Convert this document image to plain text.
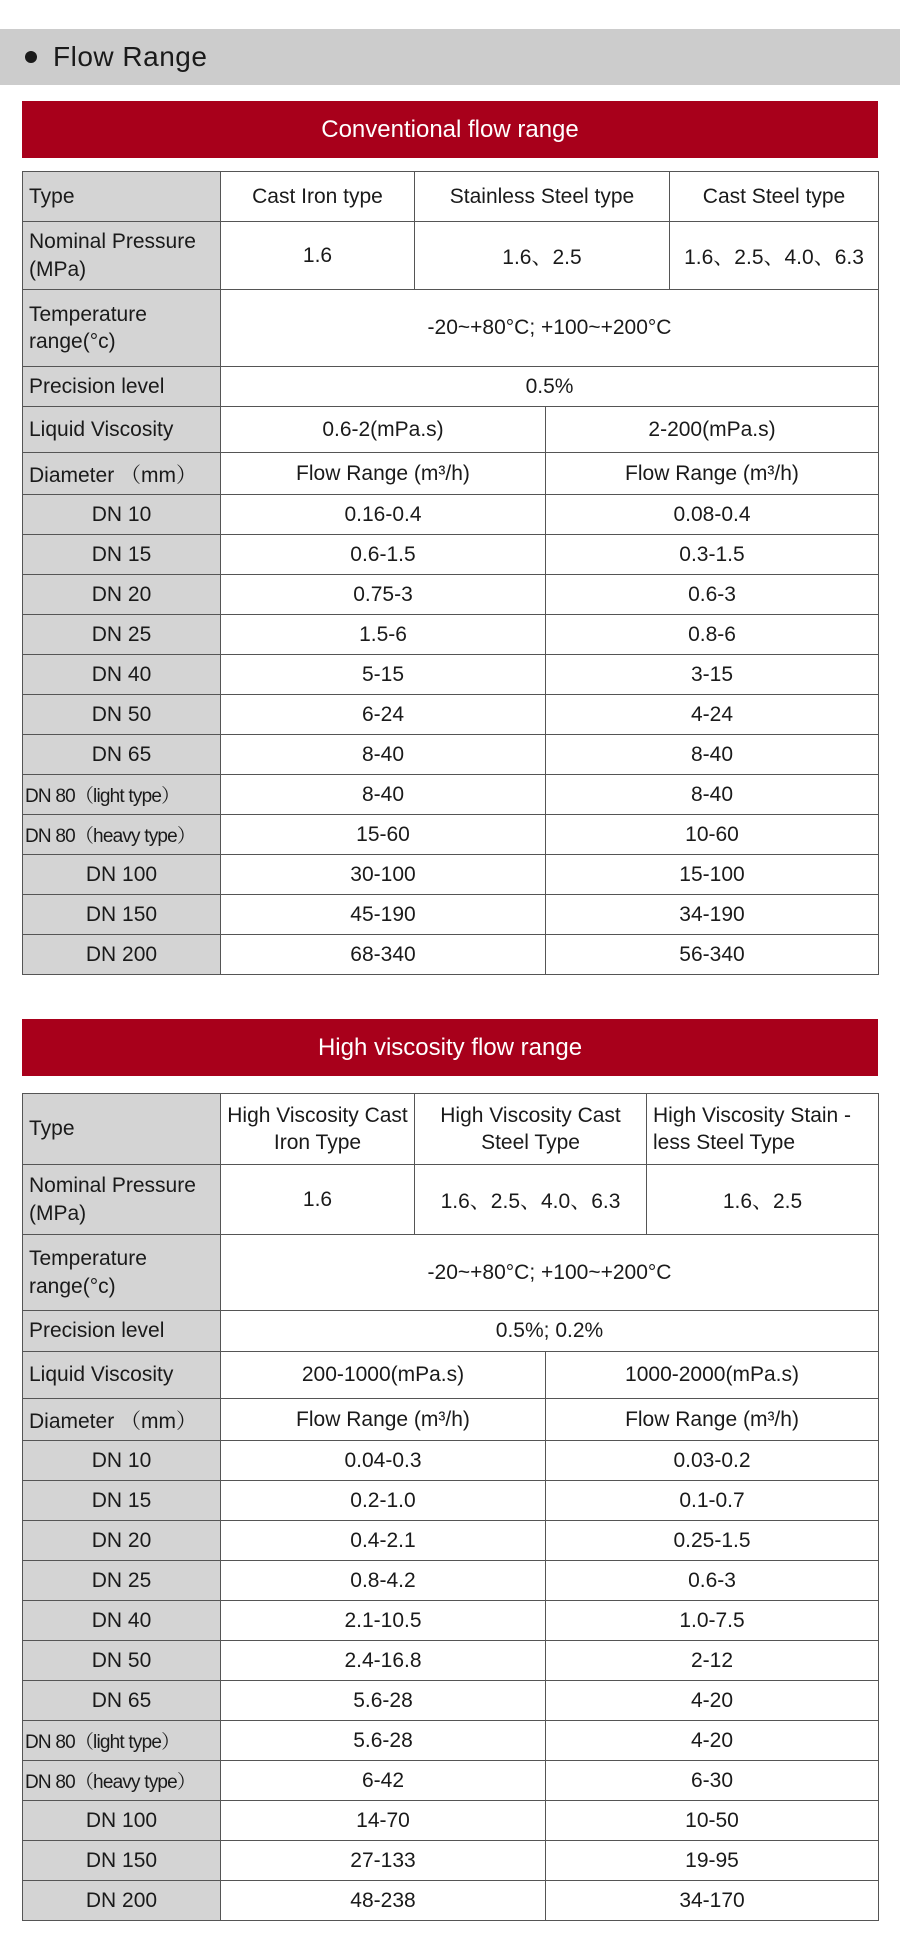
Flow Range
Conventional flow range
Type	Cast Iron type	Stainless Steel type		Cast Steel type
Nominal Pressure (MPa)	1.6	1.6、2.5		1.6、2.5、4.0、6.3
Temperature range(°c)	-20~+80°C; +100~+200°C			
Precision level	0.5%			
Liquid Viscosity	0.6-2(mPa.s)		2-200(mPa.s)	
Diameter （mm）	Flow Range (m³/h)		Flow Range (m³/h)	
DN 10	0.16-0.4		0.08-0.4	
DN 15	0.6-1.5		0.3-1.5	
DN 20	0.75-3		0.6-3	
DN 25	1.5-6		0.8-6	
DN 40	5-15		3-15	
DN 50	6-24		4-24	
DN 65	8-40		8-40	
DN 80（light type）	8-40		8-40	
DN 80（heavy type）	15-60		10-60	
DN 100	30-100		15-100	
DN 150	45-190		34-190	
DN 200	68-340		56-340	
High viscosity flow range
Type	High Viscosity Cast Iron Type	High Viscosity Cast Steel Type		High Viscosity Stain -less Steel Type
Nominal Pressure (MPa)	1.6	1.6、2.5、4.0、6.3		1.6、2.5
Temperature range(°c)	-20~+80°C; +100~+200°C			
Precision level	0.5%; 0.2%			
Liquid Viscosity	200-1000(mPa.s)		1000-2000(mPa.s)	
Diameter （mm）	Flow Range (m³/h)		Flow Range (m³/h)	
DN 10	0.04-0.3		0.03-0.2	
DN 15	0.2-1.0		0.1-0.7	
DN 20	0.4-2.1		0.25-1.5	
DN 25	0.8-4.2		0.6-3	
DN 40	2.1-10.5		1.0-7.5	
DN 50	2.4-16.8		2-12	
DN 65	5.6-28		4-20	
DN 80（light type）	5.6-28		4-20	
DN 80（heavy type）	6-42		6-30	
DN 100	14-70		10-50	
DN 150	27-133		19-95	
DN 200	48-238		34-170	
